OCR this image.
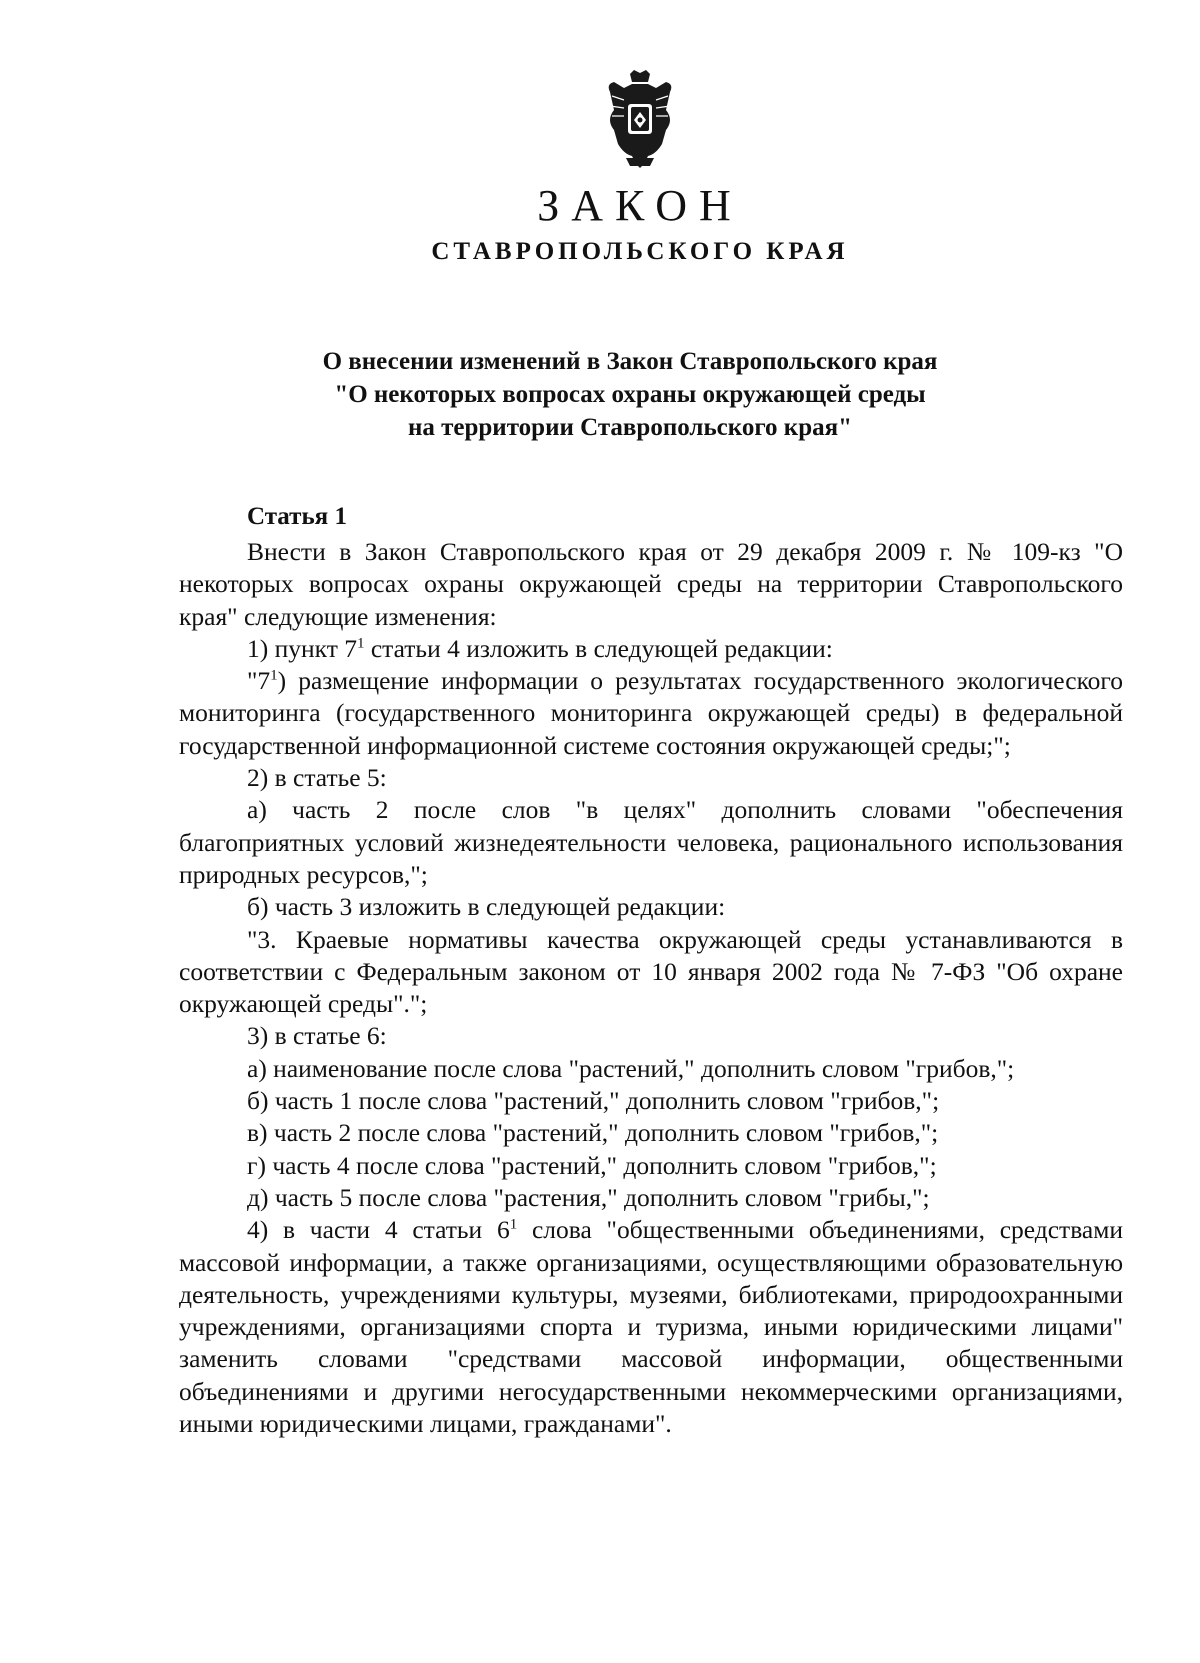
ЗАКОН
СТАВРОПОЛЬСКОГО КРАЯ
О внесении изменений в Закон Ставропольского края
"О некоторых вопросах охраны окружающей среды
на территории Ставропольского края"
Статья 1

Внести в Закон Ставропольского края от 29 декабря 2009 г. № 109-кз "О некоторых вопросах охраны окружающей среды на территории Ставропольского края" следующие изменения:

1) пункт $7^1$ статьи 4 изложить в следующей редакции:

"$7^1$) размещение информации о результатах государственного экологического мониторинга (государственного мониторинга окружающей среды) в федеральной государственной информационной системе состояния окружающей среды;";

2) в статье 5:

а) часть 2 после слов "в целях" дополнить словами "обеспечения благоприятных условий жизнедеятельности человека, рационального использования природных ресурсов,";

б) часть 3 изложить в следующей редакции:

"3. Краевые нормативы качества окружающей среды устанавливаются в соответствии с Федеральным законом от 10 января 2002 года № 7-ФЗ "Об охране окружающей среды".";

3) в статье 6:

а) наименование после слова "растений," дополнить словом "грибов,";

б) часть 1 после слова "растений," дополнить словом "грибов,";

в) часть 2 после слова "растений," дополнить словом "грибов,";

г) часть 4 после слова "растений," дополнить словом "грибов,";

д) часть 5 после слова "растения," дополнить словом "грибы,";

4) в части 4 статьи $6^1$ слова "общественными объединениями, средствами массовой информации, а также организациями, осуществляющими образовательную деятельность, учреждениями культуры, музеями, библиотеками, природоохранными учреждениями, организациями спорта и туризма, иными юридическими лицами" заменить словами "средствами массовой информации, общественными объединениями и другими негосударственными некоммерческими организациями, иными юридическими лицами, гражданами".
